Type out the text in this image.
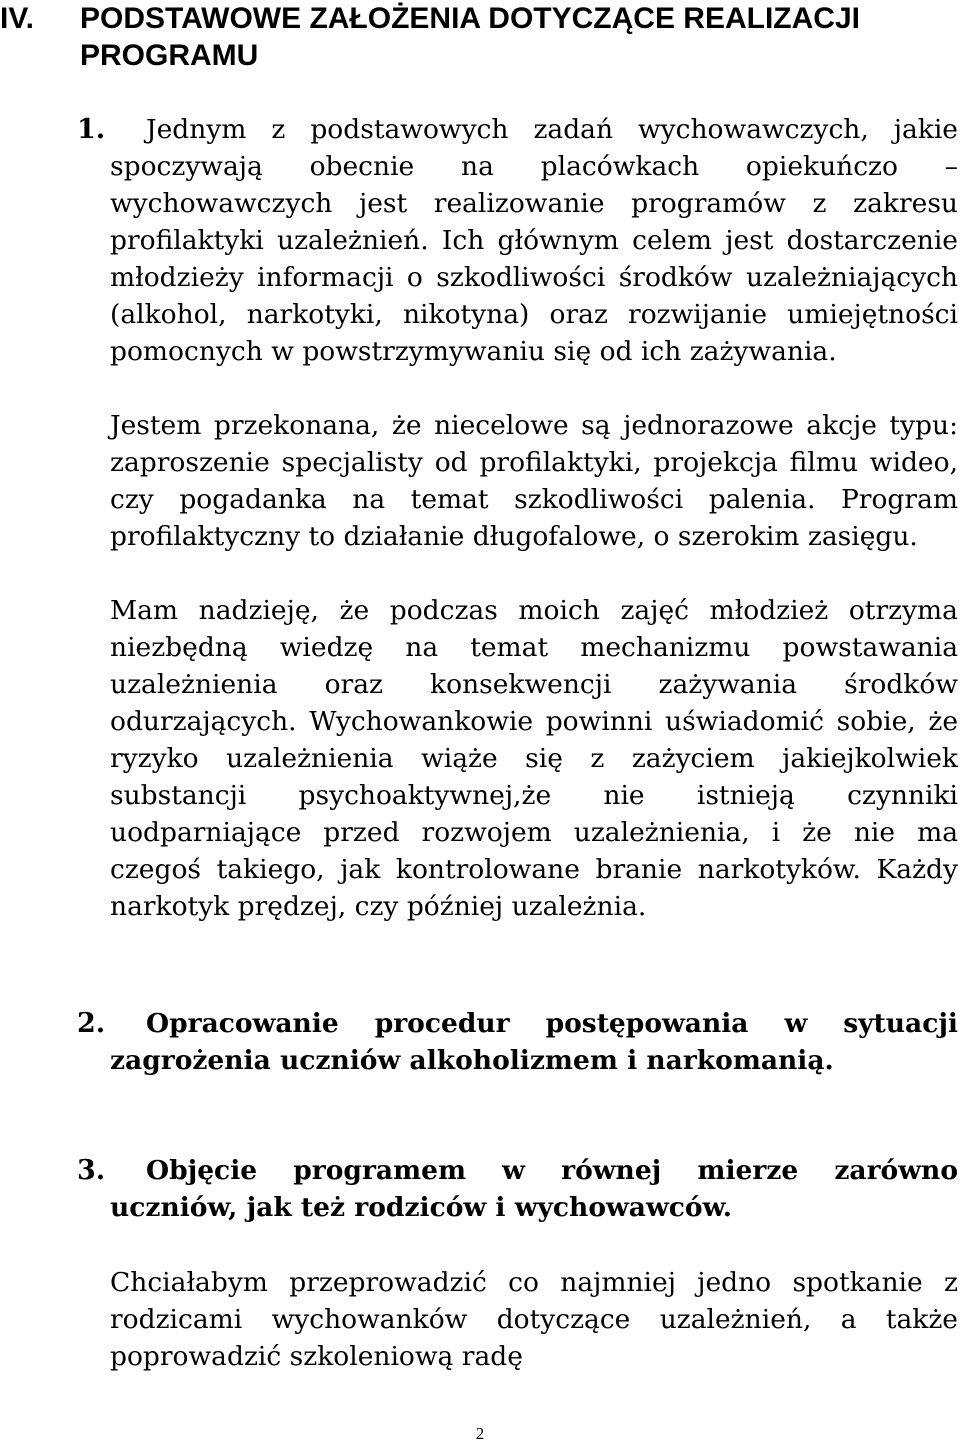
IV. PODSTAWOWE ZAŁOŻENIA DOTYCZĄCE REALIZACJI PROGRAMU
1.	Jednym z podstawowych zadań wychowawczych, jakie spoczywają obecnie na placówkach opiekuńczo – wychowawczych jest realizowanie programów z zakresu profilaktyki uzależnień. Ich głównym celem jest dostarczenie młodzieży informacji o szkodliwości środków uzależniających (alkohol, narkotyki, nikotyna) oraz rozwijanie umiejętności pomocnych w powstrzymywaniu się od ich zażywania.

Jestem przekonana, że niecelowe są jednorazowe akcje typu: zaproszenie specjalisty od profilaktyki, projekcja filmu wideo, czy pogadanka na temat szkodliwości palenia. Program profilaktyczny to działanie długofalowe, o szerokim zasięgu.

Mam nadzieję, że podczas moich zajęć młodzież otrzyma niezbędną wiedzę na temat mechanizmu powstawania uzależnienia oraz konsekwencji zażywania środków odurzających. Wychowankowie powinni uświadomić sobie, że ryzyko uzależnienia wiąże się z zażyciem jakiejkolwiek substancji psychoaktywnej,że nie istnieją czynniki uodparniające przed rozwojem uzależnienia, i że nie ma czegoś takiego, jak kontrolowane branie narkotyków. Każdy narkotyk prędzej, czy później uzależnia.

2.	Opracowanie procedur postępowania w sytuacji zagrożenia uczniów alkoholizmem i narkomanią.

3.	Objęcie programem w równej mierze zarówno uczniów, jak też rodziców i wychowawców.

Chciałabym przeprowadzić co najmniej jedno spotkanie z rodzicami wychowanków dotyczące uzależnień, a także poprowadzić szkoleniową radę

2
